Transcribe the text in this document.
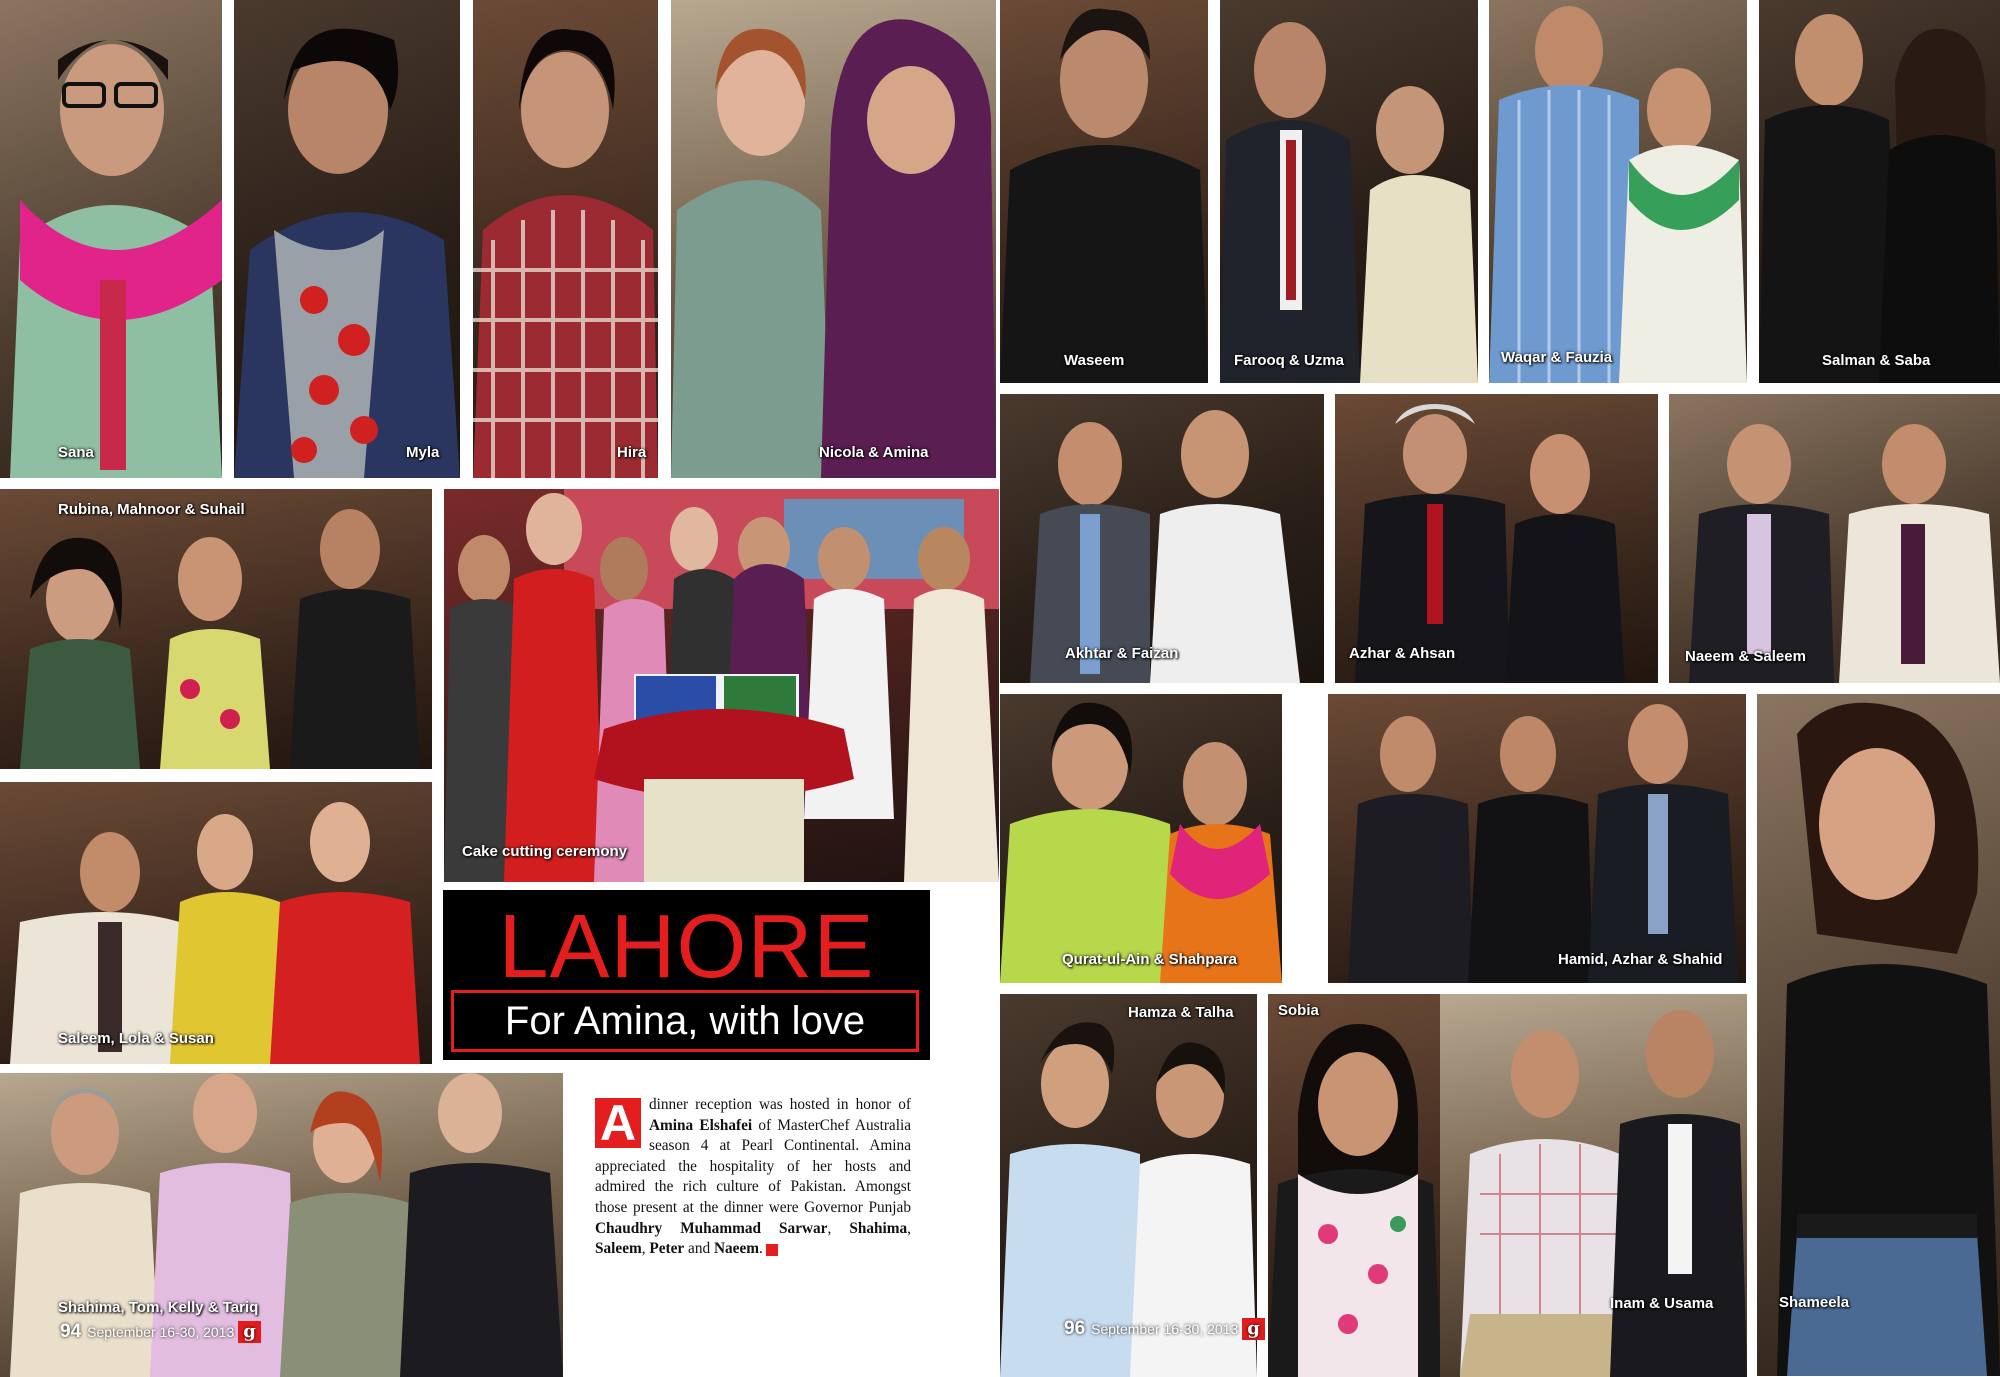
Sana	Myla	Hira	Nicola & Amina
Waseem	Farooq & Uzma	Waqar & Fauzia	Salman & Saba
Rubina, Mahnoor & Suhail
Cake cutting ceremony
Akhtar & Faizan	Azhar & Ahsan	Naeem & Saleem
Saleem, Lola & Susan
Qurat-ul-Ain & Shahpara	Hamid, Azhar & Shahid
Shameela
Shahima, Tom, Kelly & Tariq
94 September 16-30, 2013 g
LAHORE
For Amina, with love
A dinner reception was hosted in honor of Amina Elshafei of MasterChef Australia season 4 at Pearl Continental. Amina appreciated the hospitality of her hosts and admired the rich culture of Pakistan. Amongst those present at the dinner were Governor Punjab Chaudhry Muhammad Sarwar, Shahima, Saleem, Peter and Naeem.
Hamza & Talha
96 September 16-30, 2013 g
Sobia
Inam & Usama
